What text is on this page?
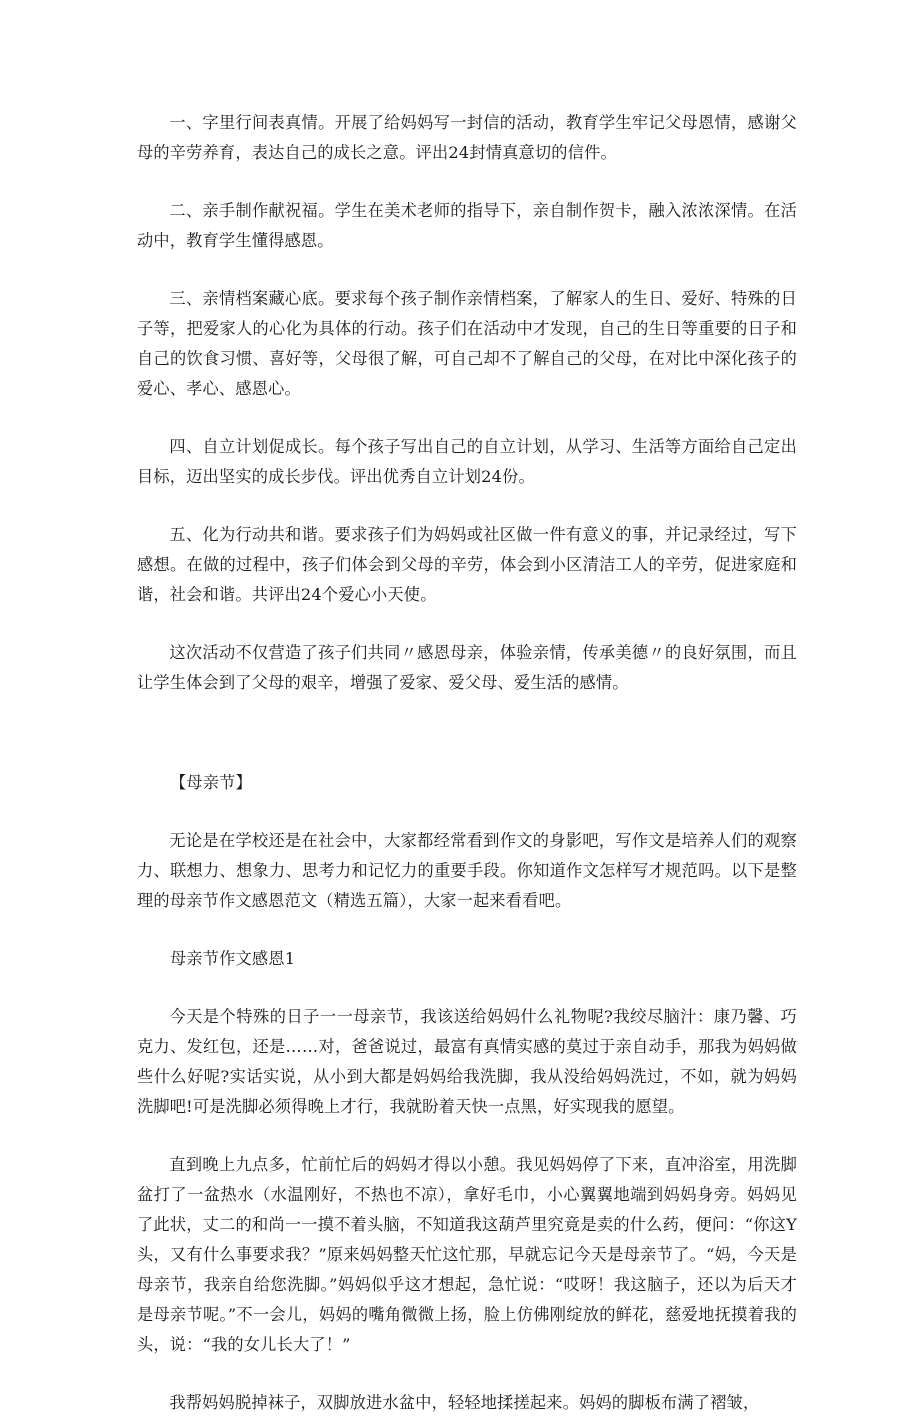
一、字里行间表真情。开展了给妈妈写一封信的活动，教育学生牢记父母恩情，感谢父母的辛劳养育，表达自己的成长之意。评出24封情真意切的信件。

二、亲手制作献祝福。学生在美术老师的指导下，亲自制作贺卡，融入浓浓深情。在活动中，教育学生懂得感恩。

三、亲情档案藏心底。要求每个孩子制作亲情档案，了解家人的生日、爱好、特殊的日子等，把爱家人的心化为具体的行动。孩子们在活动中才发现，自己的生日等重要的日子和自己的饮食习惯、喜好等，父母很了解，可自己却不了解自己的父母，在对比中深化孩子的爱心、孝心、感恩心。

四、自立计划促成长。每个孩子写出自己的自立计划，从学习、生活等方面给自己定出目标，迈出坚实的成长步伐。评出优秀自立计划24份。

五、化为行动共和谐。要求孩子们为妈妈或社区做一件有意义的事，并记录经过，写下感想。在做的过程中，孩子们体会到父母的辛劳，体会到小区清洁工人的辛劳，促进家庭和谐，社会和谐。共评出24个爱心小天使。

这次活动不仅营造了孩子们共同〃感恩母亲，体验亲情，传承美德〃的良好氛围，而且让学生体会到了父母的艰辛，增强了爱家、爱父母、爱生活的感情。

【母亲节】

无论是在学校还是在社会中，大家都经常看到作文的身影吧，写作文是培养人们的观察力、联想力、想象力、思考力和记忆力的重要手段。你知道作文怎样写才规范吗。以下是整理的母亲节作文感恩范文（精选五篇），大家一起来看看吧。

母亲节作文感恩1

今天是个特殊的日子一一母亲节，我该送给妈妈什么礼物呢?我绞尽脑汁：康乃馨、巧克力、发红包，还是……对，爸爸说过，最富有真情实感的莫过于亲自动手，那我为妈妈做些什么好呢?实话实说，从小到大都是妈妈给我洗脚，我从没给妈妈洗过，不如，就为妈妈洗脚吧!可是洗脚必须得晚上才行，我就盼着天快一点黑，好实现我的愿望。

直到晚上九点多，忙前忙后的妈妈才得以小憩。我见妈妈停了下来，直冲浴室，用洗脚盆打了一盆热水（水温刚好，不热也不凉），拿好毛巾，小心翼翼地端到妈妈身旁。妈妈见了此状，丈二的和尚一一摸不着头脑，不知道我这葫芦里究竟是卖的什么药，便问：“你这Y头，又有什么事要求我？”原来妈妈整天忙这忙那，早就忘记今天是母亲节了。“妈，今天是母亲节，我亲自给您洗脚。”妈妈似乎这才想起，急忙说：“哎呀！我这脑子，还以为后天才是母亲节呢。”不一会儿，妈妈的嘴角微微上扬，脸上仿佛刚绽放的鲜花，慈爱地抚摸着我的头，说：“我的女儿长大了！”

我帮妈妈脱掉袜子，双脚放进水盆中，轻轻地揉搓起来。妈妈的脚板布满了褶皱，
